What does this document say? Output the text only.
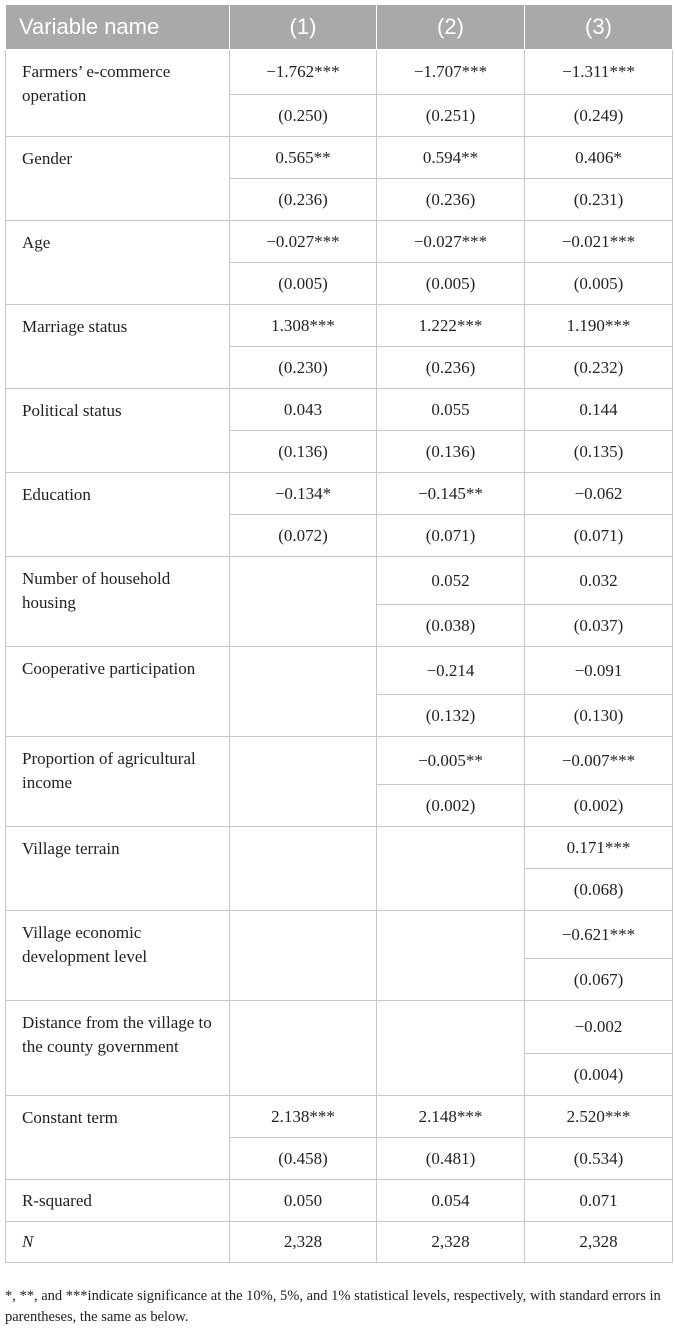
Variable name	(1)	(2)	(3)
Farmers’ e-commerce operation	−1.762***	−1.707***	−1.311***
	(0.250)	(0.251)	(0.249)
Gender	0.565**	0.594**	0.406*
	(0.236)	(0.236)	(0.231)
Age	−0.027***	−0.027***	−0.021***
	(0.005)	(0.005)	(0.005)
Marriage status	1.308***	1.222***	1.190***
	(0.230)	(0.236)	(0.232)
Political status	0.043	0.055	0.144
	(0.136)	(0.136)	(0.135)
Education	−0.134*	−0.145**	−0.062
	(0.072)	(0.071)	(0.071)
Number of household housing		0.052	0.032
		(0.038)	(0.037)
Cooperative participation		−0.214	−0.091
		(0.132)	(0.130)
Proportion of agricultural income		−0.005**	−0.007***
		(0.002)	(0.002)
Village terrain			0.171***
			(0.068)
Village economic development level			−0.621***
			(0.067)
Distance from the village to the county government			−0.002
			(0.004)
Constant term	2.138***	2.148***	2.520***
	(0.458)	(0.481)	(0.534)
R-squared	0.050	0.054	0.071
N	2,328	2,328	2,328
*, **, and ***indicate significance at the 10%, 5%, and 1% statistical levels, respectively, with standard errors in parentheses, the same as below.
